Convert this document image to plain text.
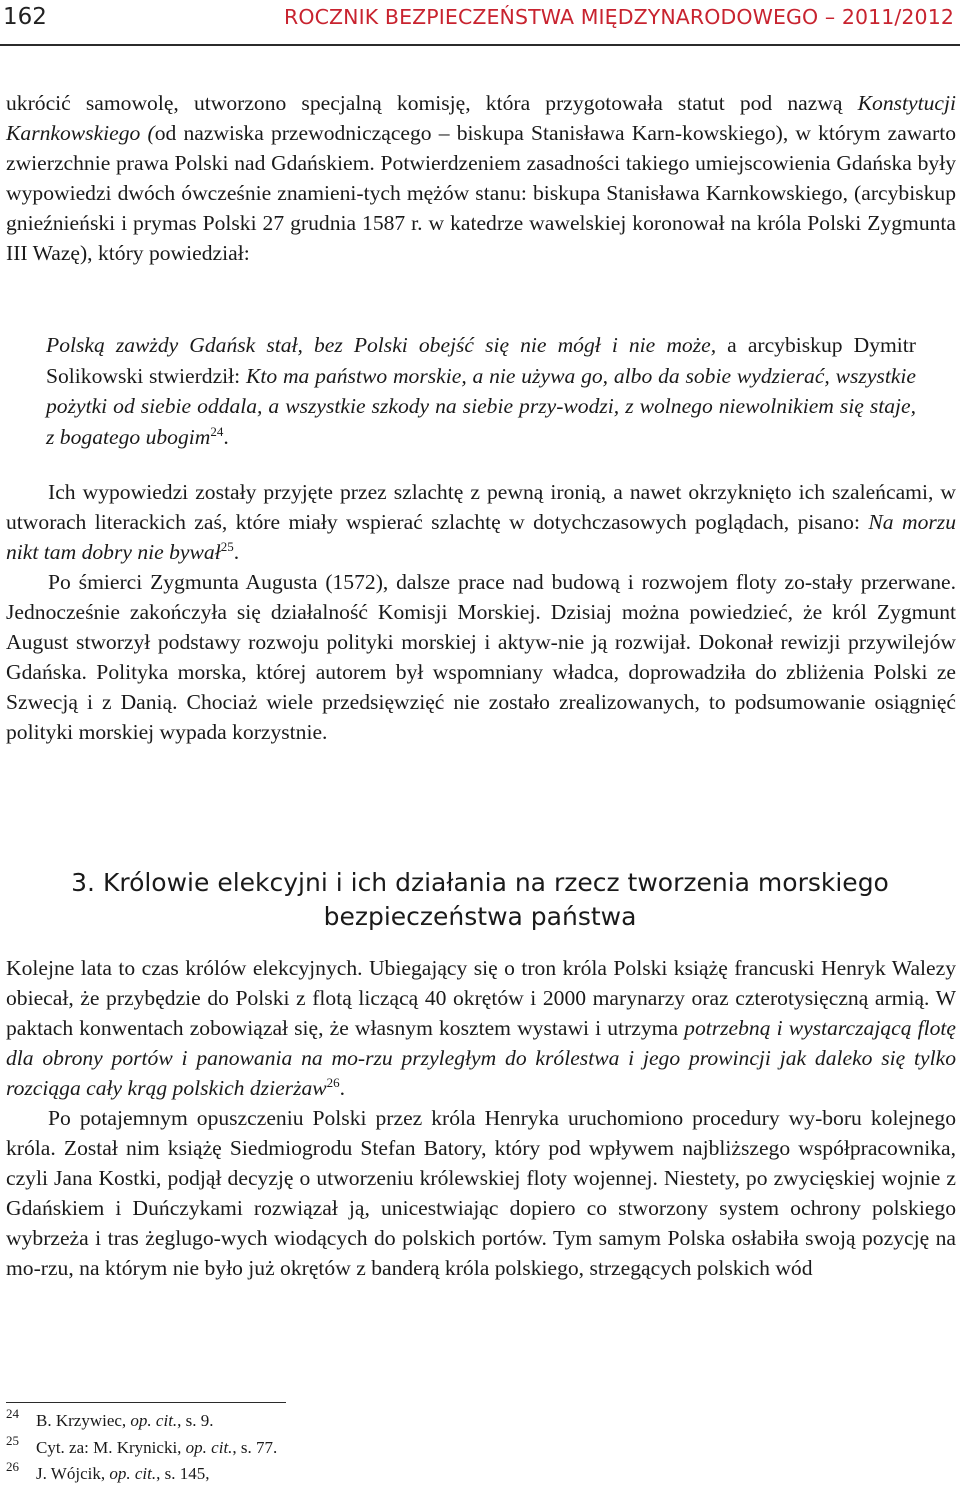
162	ROCZNIK BEZPIECZEŃSTWA MIĘDZYNARODOWEGO – 2011/2012

ukrócić samowolę, utworzono specjalną komisję, która przygotowała statut pod nazwą Konstytucji Karnkowskiego (od nazwiska przewodniczącego – biskupa Stanisława Karn-kowskiego), w którym zawarto zwierzchnie prawa Polski nad Gdańskiem. Potwierdzeniem zasadności takiego umiejscowienia Gdańska były wypowiedzi dwóch ówcześnie znamieni-tych mężów stanu: biskupa Stanisława Karnkowskiego, (arcybiskup gnieźnieński i prymas Polski 27 grudnia 1587 r. w katedrze wawelskiej koronował na króla Polski Zygmunta III Wazę), który powiedział:

Polską zawżdy Gdańsk stał, bez Polski obejść się nie mógł i nie może, a arcybiskup Dymitr Solikowski stwierdził: Kto ma państwo morskie, a nie używa go, albo da sobie wydzierać, wszystkie pożytki od siebie oddala, a wszystkie szkody na siebie przy-wodzi, z wolnego niewolnikiem się staje, z bogatego ubogim$^{24}$.

Ich wypowiedzi zostały przyjęte przez szlachtę z pewną ironią, a nawet okrzyknięto ich szaleńcami, w utworach literackich zaś, które miały wspierać szlachtę w dotychczasowych poglądach, pisano: Na morzu nikt tam dobry nie bywał$^{25}$.

Po śmierci Zygmunta Augusta (1572), dalsze prace nad budową i rozwojem floty zo-stały przerwane. Jednocześnie zakończyła się działalność Komisji Morskiej. Dzisiaj można powiedzieć, że król Zygmunt August stworzył podstawy rozwoju polityki morskiej i aktyw-nie ją rozwijał. Dokonał rewizji przywilejów Gdańska. Polityka morska, której autorem był wspomniany władca, doprowadziła do zbliżenia Polski ze Szwecją i z Danią. Chociaż wiele przedsięwzięć nie zostało zrealizowanych, to podsumowanie osiągnięć polityki morskiej wypada korzystnie.

3. Królowie elekcyjni i ich działania na rzecz tworzenia morskiego
bezpieczeństwa państwa

Kolejne lata to czas królów elekcyjnych. Ubiegający się o tron króla Polski książę francuski Henryk Walezy obiecał, że przybędzie do Polski z flotą liczącą 40 okrętów i 2000 marynarzy oraz czterotysięczną armią. W paktach konwentach zobowiązał się, że własnym kosztem wystawi i utrzyma potrzebną i wystarczającą flotę dla obrony portów i panowania na mo-rzu przyległym do królestwa i jego prowincji jak daleko się tylko rozciąga cały krąg polskich dzierżaw$^{26}$.

Po potajemnym opuszczeniu Polski przez króla Henryka uruchomiono procedury wy-boru kolejnego króla. Został nim książę Siedmiogrodu Stefan Batory, który pod wpływem najbliższego współpracownika, czyli Jana Kostki, podjął decyzję o utworzeniu królewskiej floty wojennej. Niestety, po zwycięskiej wojnie z Gdańskiem i Duńczykami rozwiązał ją, unicestwiając dopiero co stworzony system ochrony polskiego wybrzeża i tras żeglugo-wych wiodących do polskich portów. Tym samym Polska osłabiła swoją pozycję na mo-rzu, na którym nie było już okrętów z banderą króla polskiego, strzegących polskich wód

24 B. Krzywiec, op. cit., s. 9.
25 Cyt. za: M. Krynicki, op. cit., s. 77.
26 J. Wójcik, op. cit., s. 145,
